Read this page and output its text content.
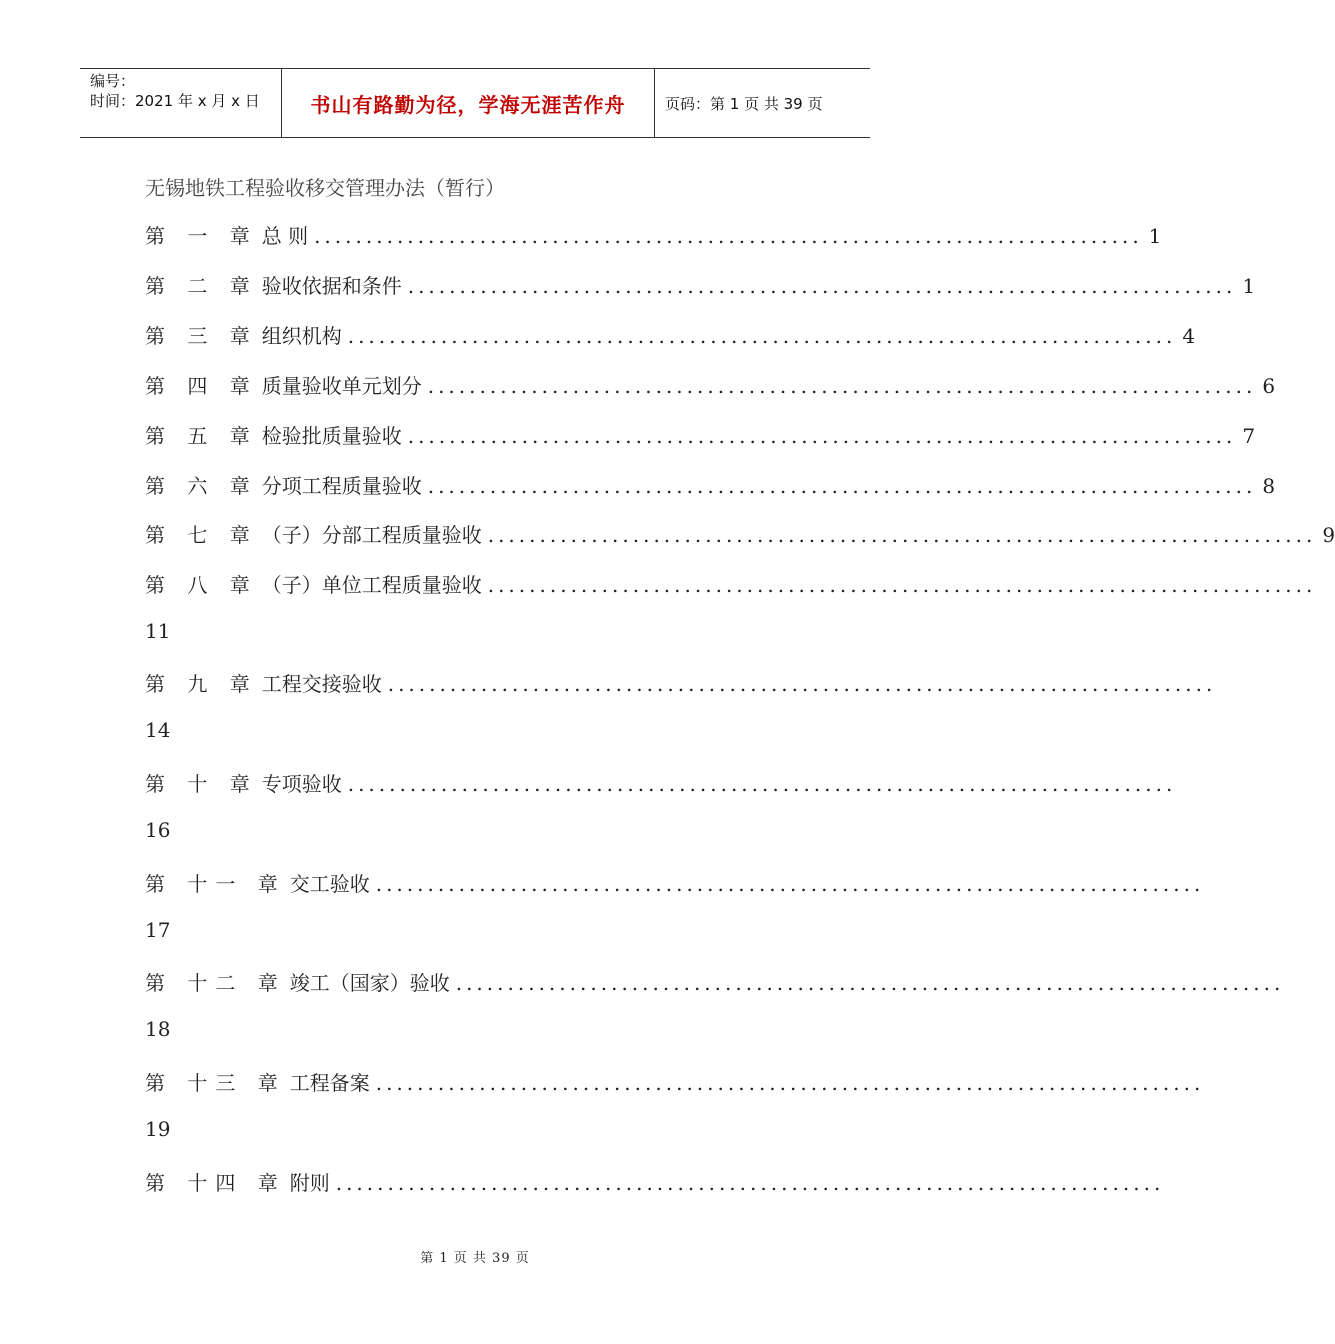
编号：
时间：2021 年 x 月 x 日	书山有路勤为径，学海无涯苦作舟	页码：第 1 页 共 39 页
无锡地铁工程验收移交管理办法（暂行）
第 一 章 总 则 ................................................................................ 1
第 二 章 验收依据和条件 ................................................................................ 1
第 三 章 组织机构 ................................................................................ 4
第 四 章 质量验收单元划分 ................................................................................ 6
第 五 章 检验批质量验收 ................................................................................ 7
第 六 章 分项工程质量验收 ................................................................................ 8
第 七 章 （子）分部工程质量验收 ................................................................................ 9
第 八 章 （子）单位工程质量验收 ................................................................................
11
第 九 章 工程交接验收 ................................................................................
14
第 十 章 专项验收 ................................................................................
16
第 十一 章 交工验收 ................................................................................
17
第 十二 章 竣工（国家）验收 ................................................................................
18
第 十三 章 工程备案 ................................................................................
19
第 十四 章 附则 ................................................................................
第 1 页 共 39 页
